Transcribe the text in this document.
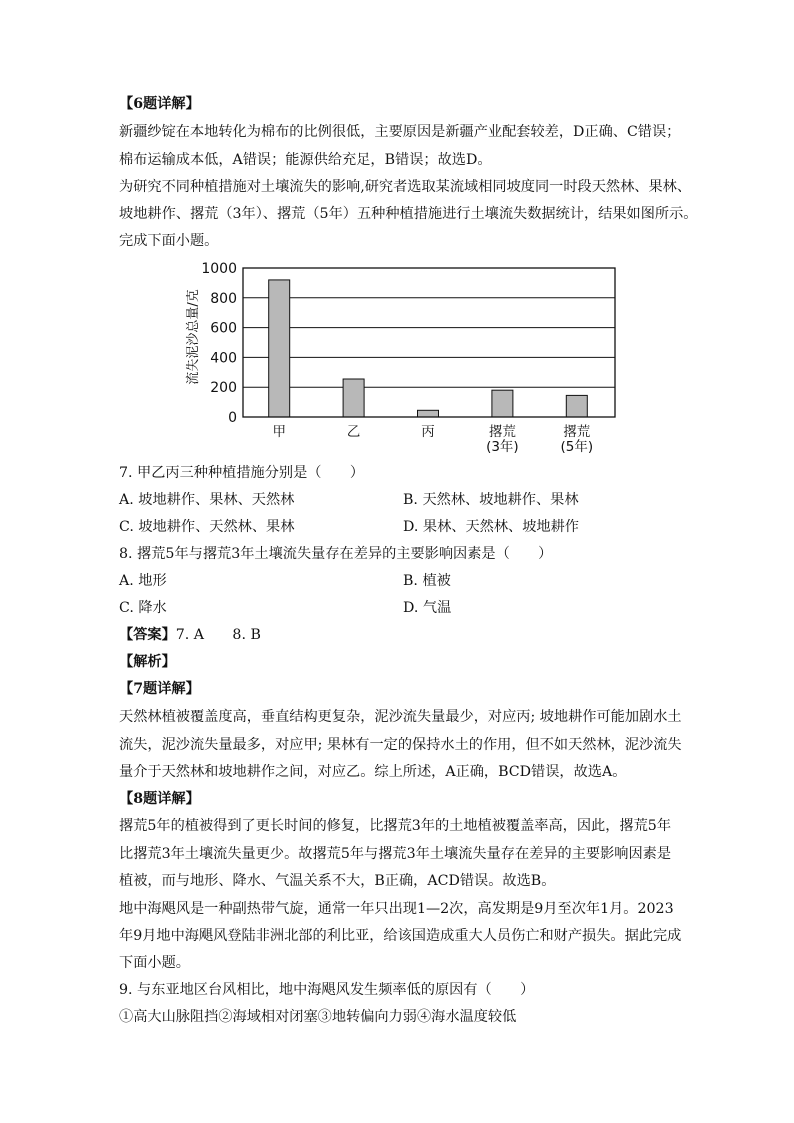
【6题详解】
新疆纱锭在本地转化为棉布的比例很低，主要原因是新疆产业配套较差，D正确、C错误；
棉布运输成本低，A错误；能源供给充足，B错误；故选D。
为研究不同种植措施对土壤流失的影响,研究者选取某流域相同坡度同一时段天然林、果林、
坡地耕作、撂荒（3年）、撂荒（5年）五种种植措施进行土壤流失数据统计，结果如图所示。
完成下面小题。
流失泥沙总量/克
0
200
400
600
800
1000
甲	乙	丙	撂荒
(3年)
撂荒
(5年)
7. 甲乙丙三种种植措施分别是（　　）
A. 坡地耕作、果林、天然林	B. 天然林、坡地耕作、果林
C. 坡地耕作、天然林、果林	D. 果林、天然林、坡地耕作
8. 撂荒5年与撂荒3年土壤流失量存在差异的主要影响因素是（　　）
A. 地形	B. 植被
C. 降水	D. 气温
【答案】7. A　　8. B
【解析】
【7题详解】
天然林植被覆盖度高，垂直结构更复杂，泥沙流失量最少，对应丙; 坡地耕作可能加剧水土
流失，泥沙流失量最多，对应甲; 果林有一定的保持水土的作用，但不如天然林，泥沙流失
量介于天然林和坡地耕作之间，对应乙。综上所述，A正确，BCD错误，故选A。
【8题详解】
撂荒5年的植被得到了更长时间的修复，比撂荒3年的土地植被覆盖率高，因此，撂荒5年
比撂荒3年土壤流失量更少。故撂荒5年与撂荒3年土壤流失量存在差异的主要影响因素是
植被，而与地形、降水、气温关系不大，B正确，ACD错误。故选B。
地中海飓风是一种副热带气旋，通常一年只出现1—2次，高发期是9月至次年1月。2023
年9月地中海飓风登陆非洲北部的利比亚，给该国造成重大人员伤亡和财产损失。据此完成
下面小题。
9. 与东亚地区台风相比，地中海飓风发生频率低的原因有（　　）
①高大山脉阻挡②海域相对闭塞③地转偏向力弱④海水温度较低
